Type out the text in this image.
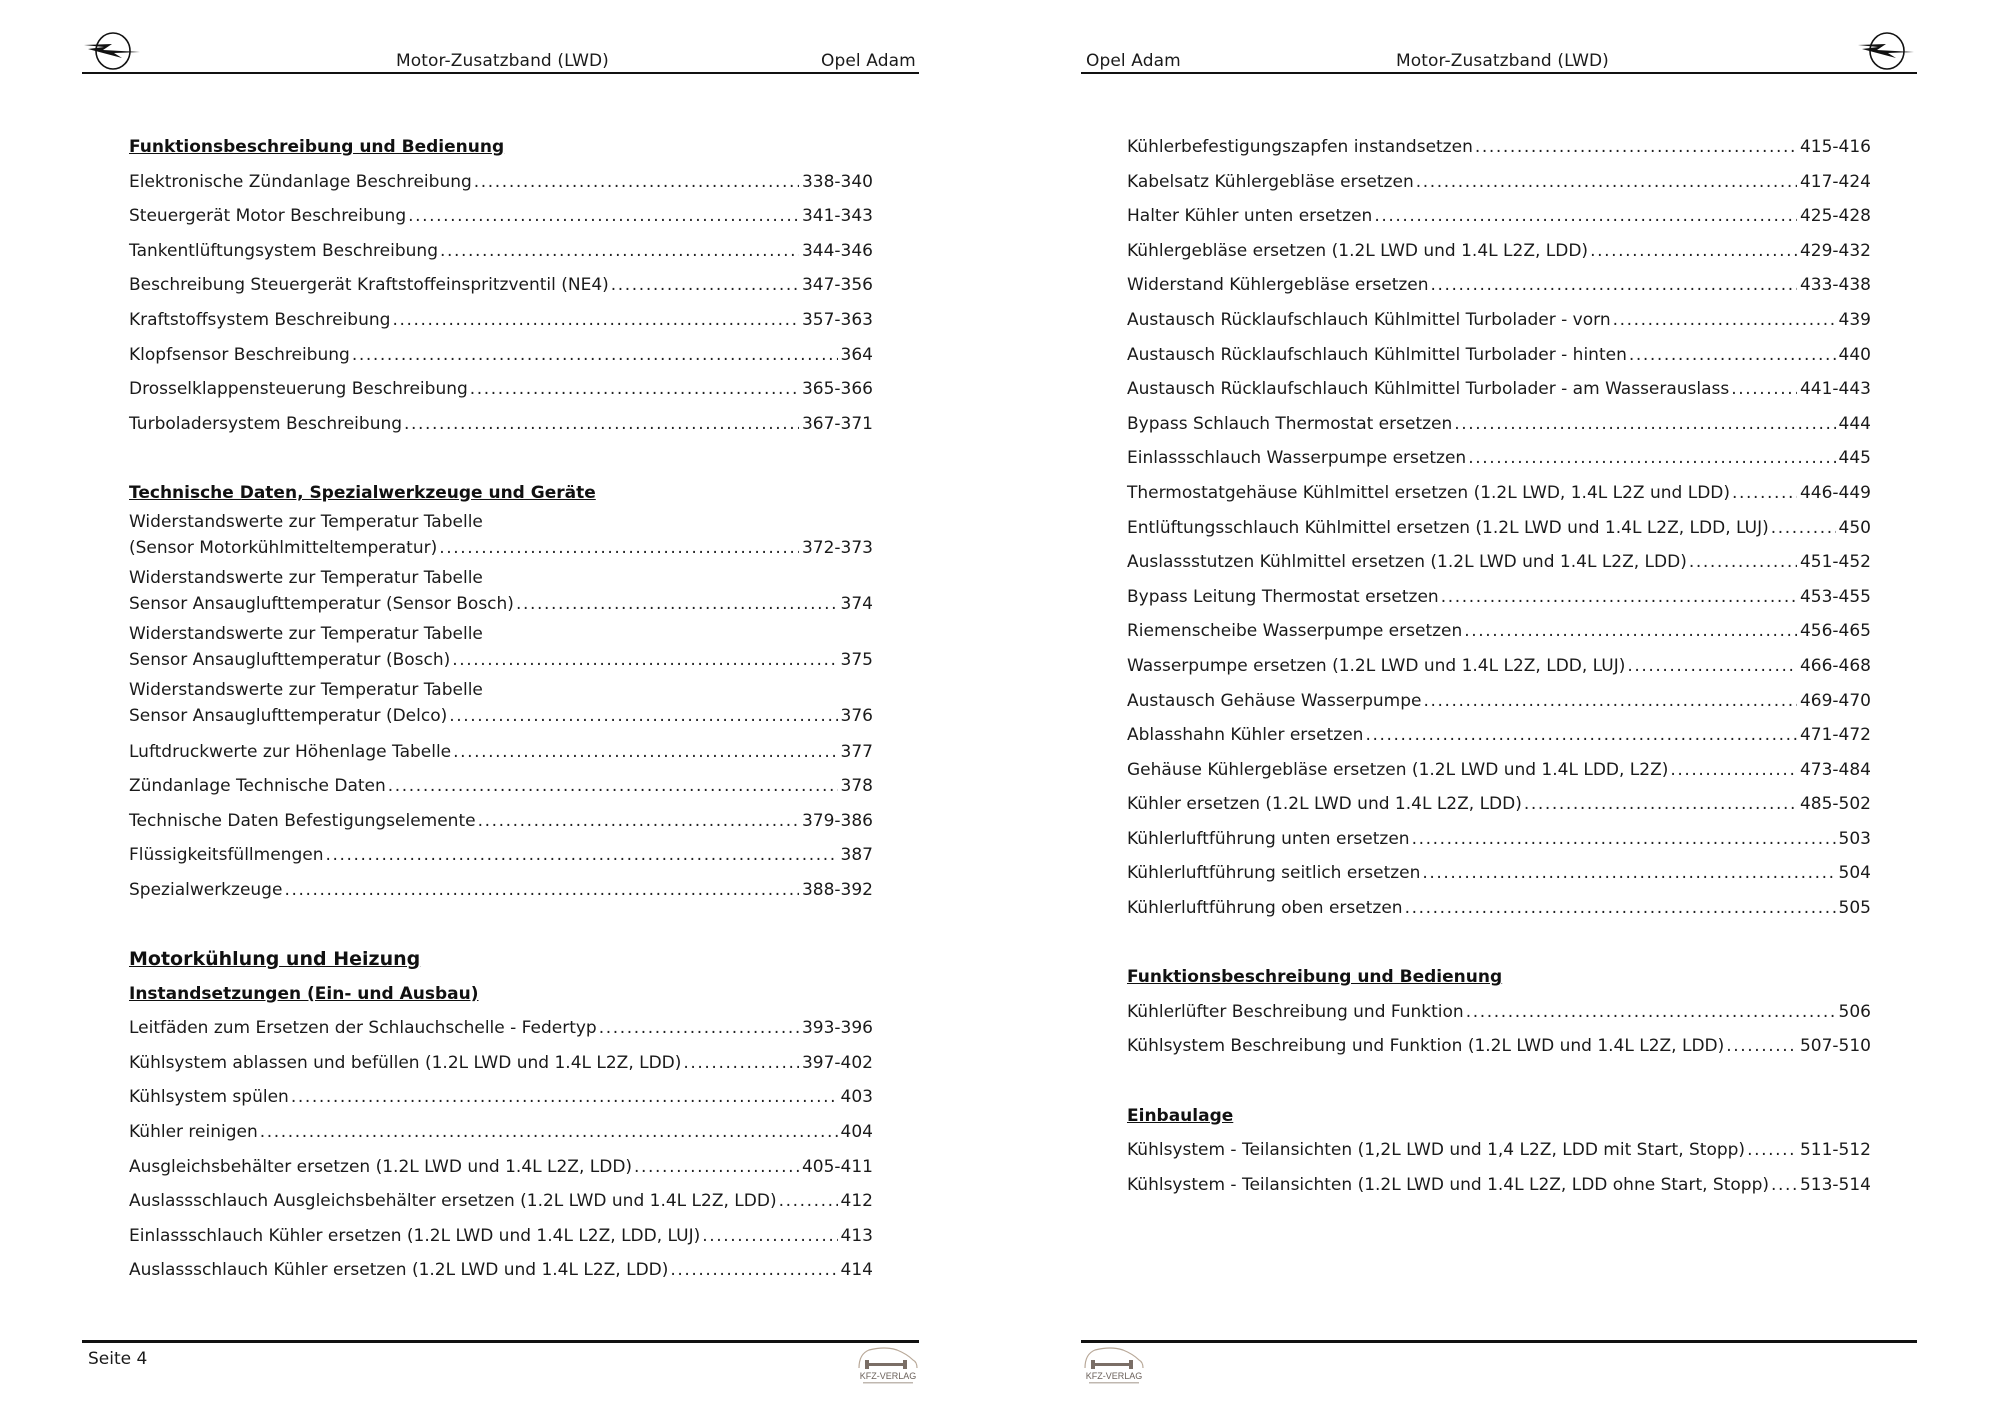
Motor-Zusatzband (LWD)	Opel Adam
Funktionsbeschreibung und Bedienung
Elektronische Zündanlage Beschreibung .....	338-340
Steuergerät Motor Beschreibung .....	341-343
Tankentlüftungsystem Beschreibung .....	344-346
Beschreibung Steuergerät Kraftstoffeinspritzventil (NE4) .....	347-356
Kraftstoffsystem Beschreibung .....	357-363
Klopfsensor Beschreibung .....	364
Drosselklappensteuerung Beschreibung .....	365-366
Turboladersystem Beschreibung .....	367-371
Technische Daten, Spezialwerkzeuge und Geräte
Widerstandswerte zur Temperatur Tabelle
(Sensor Motorkühlmitteltemperatur) .....	372-373
Widerstandswerte zur Temperatur Tabelle
Sensor Ansauglufttemperatur (Sensor Bosch) .....	374
Widerstandswerte zur Temperatur Tabelle
Sensor Ansauglufttemperatur (Bosch) .....	375
Widerstandswerte zur Temperatur Tabelle
Sensor Ansauglufttemperatur (Delco) .....	376
Luftdruckwerte zur Höhenlage Tabelle .....	377
Zündanlage Technische Daten .....	378
Technische Daten Befestigungselemente .....	379-386
Flüssigkeitsfüllmengen .....	387
Spezialwerkzeuge .....	388-392
Motorkühlung und Heizung
Instandsetzungen (Ein- und Ausbau)
Leitfäden zum Ersetzen der Schlauchschelle - Federtyp .....	393-396
Kühlsystem ablassen und befüllen (1.2L LWD und 1.4L L2Z, LDD) .....	397-402
Kühlsystem spülen .....	403
Kühler reinigen .....	404
Ausgleichsbehälter ersetzen (1.2L LWD und 1.4L L2Z, LDD) .....	405-411
Auslassschlauch Ausgleichsbehälter ersetzen (1.2L LWD und 1.4L L2Z, LDD) .....	412
Einlassschlauch Kühler ersetzen (1.2L LWD und 1.4L L2Z, LDD, LUJ) .....	413
Auslassschlauch Kühler ersetzen (1.2L LWD und 1.4L L2Z, LDD) .....	414
Seite 4
KFZ-VERLAG
Opel Adam	Motor-Zusatzband (LWD)
Kühlerbefestigungszapfen instandsetzen .....	415-416
Kabelsatz Kühlergebläse ersetzen .....	417-424
Halter Kühler unten ersetzen .....	425-428
Kühlergebläse ersetzen (1.2L LWD und 1.4L L2Z, LDD) .....	429-432
Widerstand Kühlergebläse ersetzen .....	433-438
Austausch Rücklaufschlauch Kühlmittel Turbolader - vorn .....	439
Austausch Rücklaufschlauch Kühlmittel Turbolader - hinten .....	440
Austausch Rücklaufschlauch Kühlmittel Turbolader - am Wasserauslass .....	441-443
Bypass Schlauch Thermostat ersetzen .....	444
Einlassschlauch Wasserpumpe ersetzen .....	445
Thermostatgehäuse Kühlmittel ersetzen (1.2L LWD, 1.4L L2Z und LDD) .....	446-449
Entlüftungsschlauch Kühlmittel ersetzen (1.2L LWD und 1.4L L2Z, LDD, LUJ) .....	450
Auslassstutzen Kühlmittel ersetzen (1.2L LWD und 1.4L L2Z, LDD) .....	451-452
Bypass Leitung Thermostat ersetzen .....	453-455
Riemenscheibe Wasserpumpe ersetzen .....	456-465
Wasserpumpe ersetzen (1.2L LWD und 1.4L L2Z, LDD, LUJ) .....	466-468
Austausch Gehäuse Wasserpumpe .....	469-470
Ablasshahn Kühler ersetzen .....	471-472
Gehäuse Kühlergebläse ersetzen (1.2L LWD und 1.4L LDD, L2Z) .....	473-484
Kühler ersetzen (1.2L LWD und 1.4L L2Z, LDD) .....	485-502
Kühlerluftführung unten ersetzen .....	503
Kühlerluftführung seitlich ersetzen .....	504
Kühlerluftführung oben ersetzen .....	505
Funktionsbeschreibung und Bedienung
Kühlerlüfter Beschreibung und Funktion .....	506
Kühlsystem Beschreibung und Funktion (1.2L LWD und 1.4L L2Z, LDD) .....	507-510
Einbaulage
Kühlsystem - Teilansichten (1,2L LWD und 1,4 L2Z, LDD mit Start, Stopp) .....	511-512
Kühlsystem - Teilansichten (1.2L LWD und 1.4L L2Z, LDD ohne Start, Stopp) ..... 513-514
KFZ-VERLAG
